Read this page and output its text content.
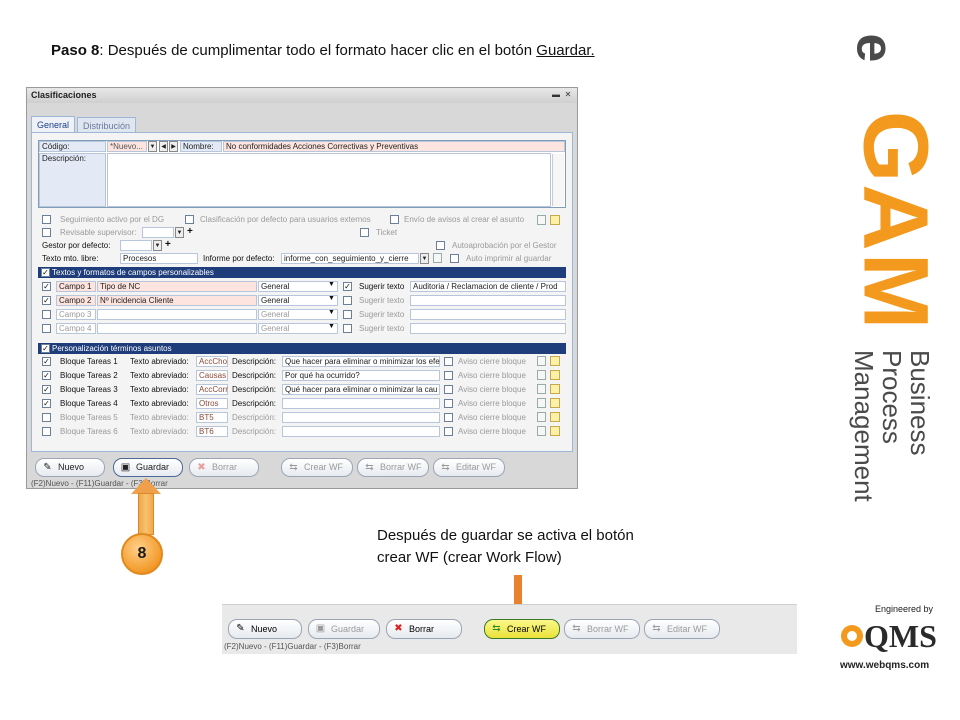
Paso 8: Después de cumplimentar todo el formato hacer clic en el botón Guardar.
Clasificaciones	▬ ✕
General	Distribución
Código:	*Nuevo...	▼ ◀ ▶ Nombre:	No conformidades Acciones Correctivas y Preventivas
Descripción:
Seguimiento activo por el DG	Clasificación por defecto para usuarios externos	Envío de avisos al crear el asunto
Revisable supervisor:	▼ +	Ticket
Gestor por defecto:	▼ +	Autoaprobación por el Gestor
Texto mto. libre:	Procesos	Informe por defecto:	informe_con_seguimiento_y_cierre	▼	Auto imprimir al guardar
Textos y formatos de campos personalizables
✓
✓	Campo 1	Tipo de NC	General	▼ ✓ Sugerir texto	Auditoria / Reclamacion de cliente / Prod
✓	Campo 2	Nº incidencia Cliente	General	▼	Sugerir texto
Campo 3	General	▼	Sugerir texto
Campo 4	General	▼	Sugerir texto
Personalización términos asuntos
✓
✓ Bloque Tareas 1 Texto abreviado:	AccCho Descripción:	Que hacer para eliminar o minimizar los efe Aviso cierre bloque
✓ Bloque Tareas 2 Texto abreviado:	Causas Descripción:	Por qué ha ocurrido?	Aviso cierre bloque
✓ Bloque Tareas 3 Texto abreviado:	AccCorr Descripción:	Qué hacer para eliminar o minimizar la cau	Aviso cierre bloque
✓ Bloque Tareas 4 Texto abreviado:	Otros	Descripción:	Aviso cierre bloque
Bloque Tareas 5 Texto abreviado:	BT5	Descripción:	Aviso cierre bloque
Bloque Tareas 6 Texto abreviado:	BT6	Descripción:	Aviso cierre bloque
✎ Nuevo	▣ Guardar	✖ Borrar	⇆ Crear WF	⇆ Borrar WF	⇆ Editar WF
(F2)Nuevo - (F11)Guardar - (F3)Borrar
8
Después de guardar se activa el botón
crear WF (crear Work Flow)
✎ Nuevo	▣ Guardar	✖ Borrar	⇆ Crear WF	⇆ Borrar WF	⇆ Editar WF
(F2)Nuevo - (F11)Guardar - (F3)Borrar
e
GAM
Business
Process
Management
Engineered by
QMS
www.webqms.com
